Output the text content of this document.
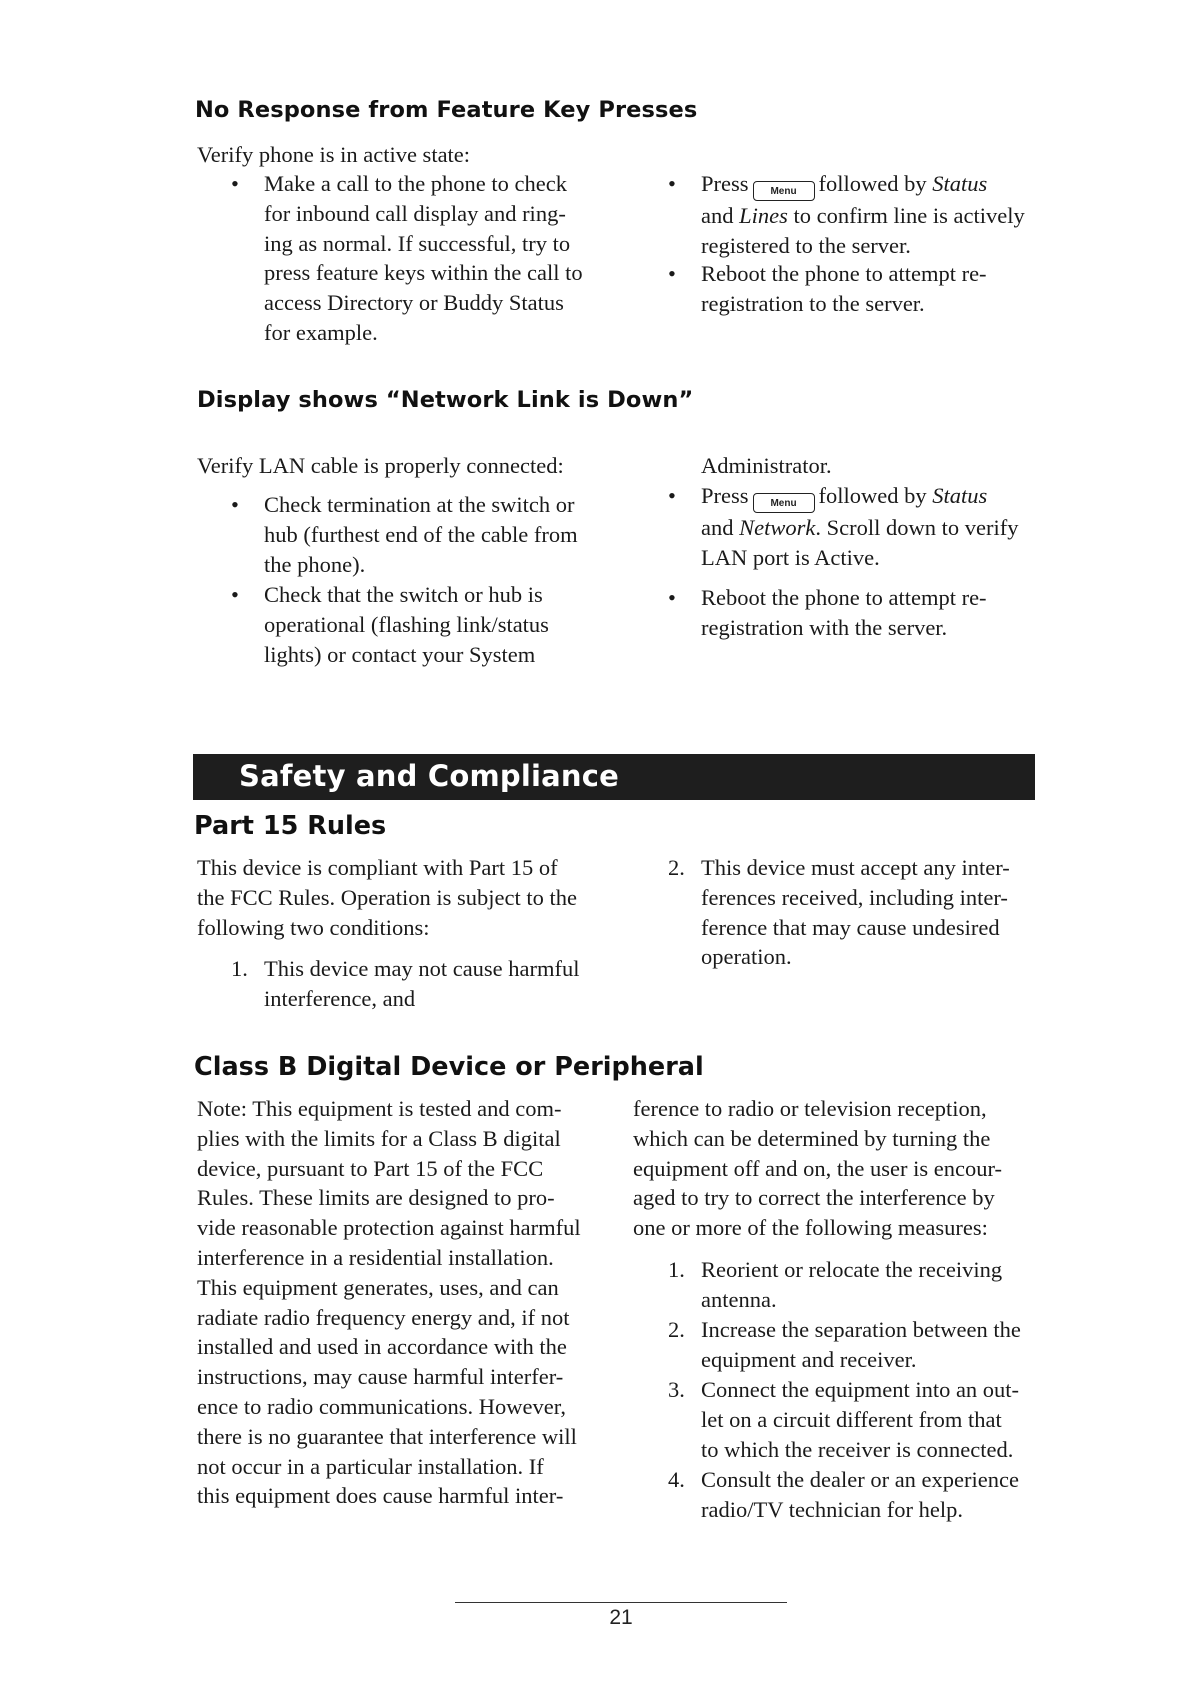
No Response from Feature Key Presses
Verify phone is in active state:
• Make a call to the phone to check
for inbound call display and ring-
ing as normal. If successful, try to
press feature keys within the call to
access Directory or Buddy Status
for example.
• Press Menu followed by Status
and Lines to confirm line is actively
registered to the server.
• Reboot the phone to attempt re-
registration to the server.
Display shows “Network Link is Down”
Verify LAN cable is properly connected:
• Check termination at the switch or
hub (furthest end of the cable from
the phone).
• Check that the switch or hub is
operational (flashing link/status
lights) or contact your System
Administrator.
• Press Menu followed by Status
and Network. Scroll down to verify
LAN port is Active.
• Reboot the phone to attempt re-
registration with the server.
Safety and Compliance
Part 15 Rules
This device is compliant with Part 15 of
the FCC Rules. Operation is subject to the
following two conditions:
1. This device may not cause harmful
interference, and
2. This device must accept any inter-
ferences received, including inter-
ference that may cause undesired
operation.
Class B Digital Device or Peripheral
Note: This equipment is tested and com-
plies with the limits for a Class B digital
device, pursuant to Part 15 of the FCC
Rules. These limits are designed to pro-
vide reasonable protection against harmful
interference in a residential installation.
This equipment generates, uses, and can
radiate radio frequency energy and, if not
installed and used in accordance with the
instructions, may cause harmful interfer-
ence to radio communications. However,
there is no guarantee that interference will
not occur in a particular installation. If
this equipment does cause harmful inter-
ference to radio or television reception,
which can be determined by turning the
equipment off and on, the user is encour-
aged to try to correct the interference by
one or more of the following measures:
1. Reorient or relocate the receiving
antenna.
2. Increase the separation between the
equipment and receiver.
3. Connect the equipment into an out-
let on a circuit different from that
to which the receiver is connected.
4. Consult the dealer or an experience
radio/TV technician for help.
21
